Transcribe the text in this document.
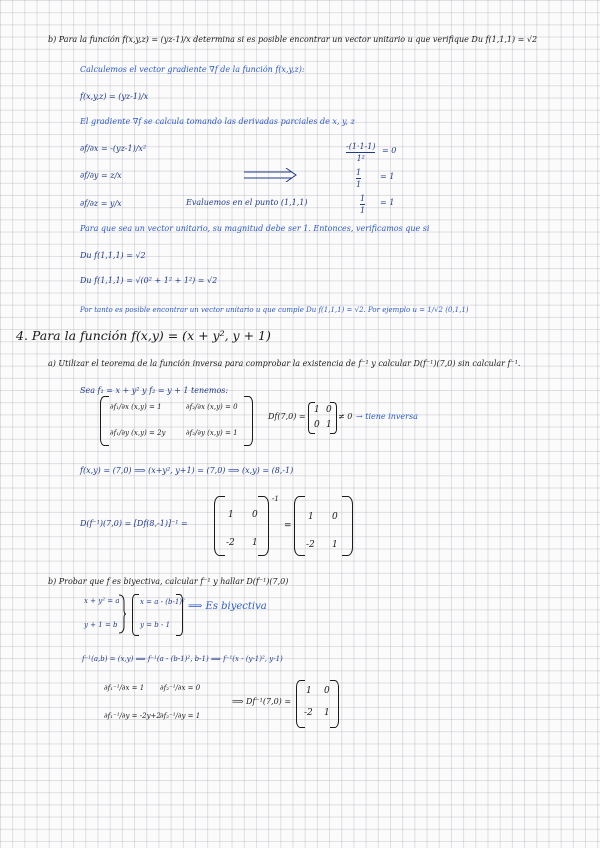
b) Para la función f(x,y,z) = (yz-1)/x determina si es posible encontrar un vector unitario u que verifique Du f(1,1,1) = √2
Calculemos el vector gradiente ∇f de la función f(x,y,z):
f(x,y,z) = (yz-1)/x
El gradiente ∇f se calcula tomando las derivadas parciales de x, y, z
∂f/∂x = -(yz-1)/x²
∂f/∂y = z/x
∂f/∂z = y/x	Evaluemos en el punto (1,1,1)
-(1·1-1)
1²
= 0
1
1
= 1
1
1
= 1
Para que sea un vector unitario, su magnitud debe ser 1. Entonces, verificamos que si
Du f(1,1,1) = √2
Du f(1,1,1) = √(0² + 1² + 1²) = √2
Por tanto es posible encontrar un vector unitario u que cumple Du f(1,1,1) = √2. Por ejemplo u = 1/√2 (0,1,1)
4. Para la función f(x,y) = (x + y², y + 1)
a) Utilizar el teorema de la función inversa para comprobar la existencia de f⁻¹ y calcular D(f⁻¹)(7,0) sin calcular f⁻¹.
Sea f₁ = x + y² y f₂ = y + 1 tenemos:
∂f₁/∂x (x,y) = 1	∂f₂/∂x (x,y) = 0
∂f₁/∂y (x,y) = 2y	∂f₂/∂y (x,y) = 1
Df(7,0) =
1 0
0 1
≠ 0 → tiene inversa
f(x,y) = (7,0) ⟹ (x+y², y+1) = (7,0) ⟹ (x,y) = (8,-1)
D(f⁻¹)(7,0) = [Df(8,-1)]⁻¹ =
1 0
-2 1
-1
=
1 0
-2 1
b) Probar que f es biyectiva, calcular f⁻¹ y hallar D(f⁻¹)(7,0)
x + y² = a
y + 1 = b
x = a - (b-1)²
y = b - 1
⟹ Es biyectiva
f⁻¹(a,b) = (x,y) ⟹ f⁻¹(a - (b-1)², b-1) ⟹ f⁻¹(x - (y-1)², y-1)
∂f₁⁻¹/∂x = 1 ∂f₂⁻¹/∂x = 0
∂f₁⁻¹/∂y = -2y+2 ∂f₂⁻¹/∂y = 1
⟹ Df⁻¹(7,0) =
1 0
-2 1
